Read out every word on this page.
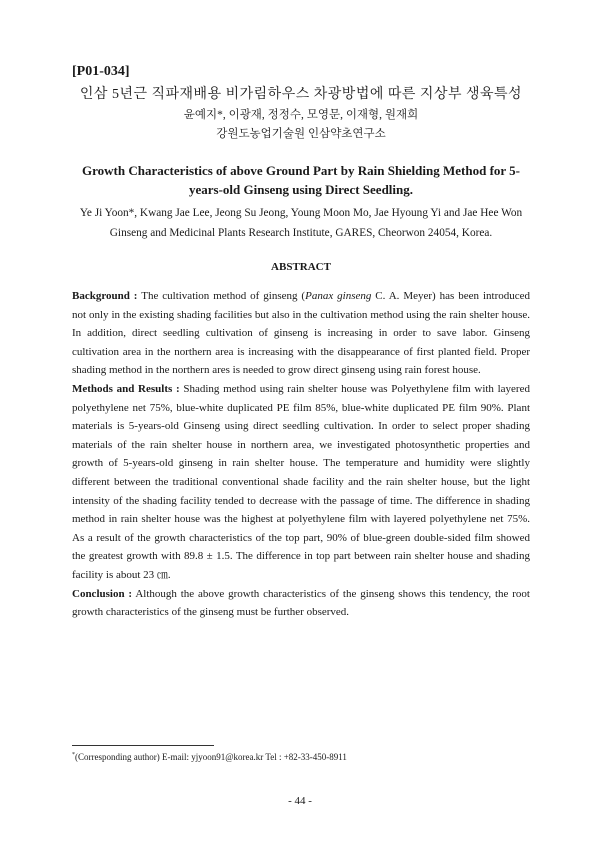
[P01-034]
인삼 5년근 직파재배용 비가림하우스 차광방법에 따른 지상부 생육특성
윤예지*, 이광재, 정정수, 모영문, 이재형, 원재희
강원도농업기술원 인삼약초연구소
Growth Characteristics of above Ground Part by Rain Shielding Method for 5-years-old Ginseng using Direct Seedling.
Ye Ji Yoon*, Kwang Jae Lee, Jeong Su Jeong, Young Moon Mo, Jae Hyoung Yi and Jae Hee Won
Ginseng and Medicinal Plants Research Institute, GARES, Cheorwon 24054, Korea.
ABSTRACT

Background : The cultivation method of ginseng (Panax ginseng C. A. Meyer) has been introduced not only in the existing shading facilities but also in the cultivation method using the rain shelter house. In addition, direct seedling cultivation of ginseng is increasing in order to save labor. Ginseng cultivation area in the northern area is increasing with the disappearance of first planted field. Proper shading method in the northern ares is needed to grow direct ginseng using rain forest house.

Methods and Results : Shading method using rain shelter house was Polyethylene film with layered polyethylene net 75%, blue-white duplicated PE film 85%, blue-white duplicated PE film 90%. Plant materials is 5-years-old Ginseng using direct seedling cultivation. In order to select proper shading materials of the rain shelter house in northern area, we investigated photosynthetic properties and growth of 5-years-old ginseng in rain shelter house. The temperature and humidity were slightly different between the traditional conventional shade facility and the rain shelter house, but the light intensity of the shading facility tended to decrease with the passage of time. The difference in shading method in rain shelter house was the highest at polyethylene film with layered polyethylene net 75%. As a result of the growth characteristics of the top part, 90% of blue-green double-sided film showed the greatest growth with 89.8 ± 1.5. The difference in top part between rain shelter house and shading facility is about 23 ㎝.

Conclusion : Although the above growth characteristics of the ginseng shows this tendency, the root growth characteristics of the ginseng must be further observed.

*(Corresponding author) E-mail: yjyoon91@korea.kr Tel : +82-33-450-8911
- 44 -
